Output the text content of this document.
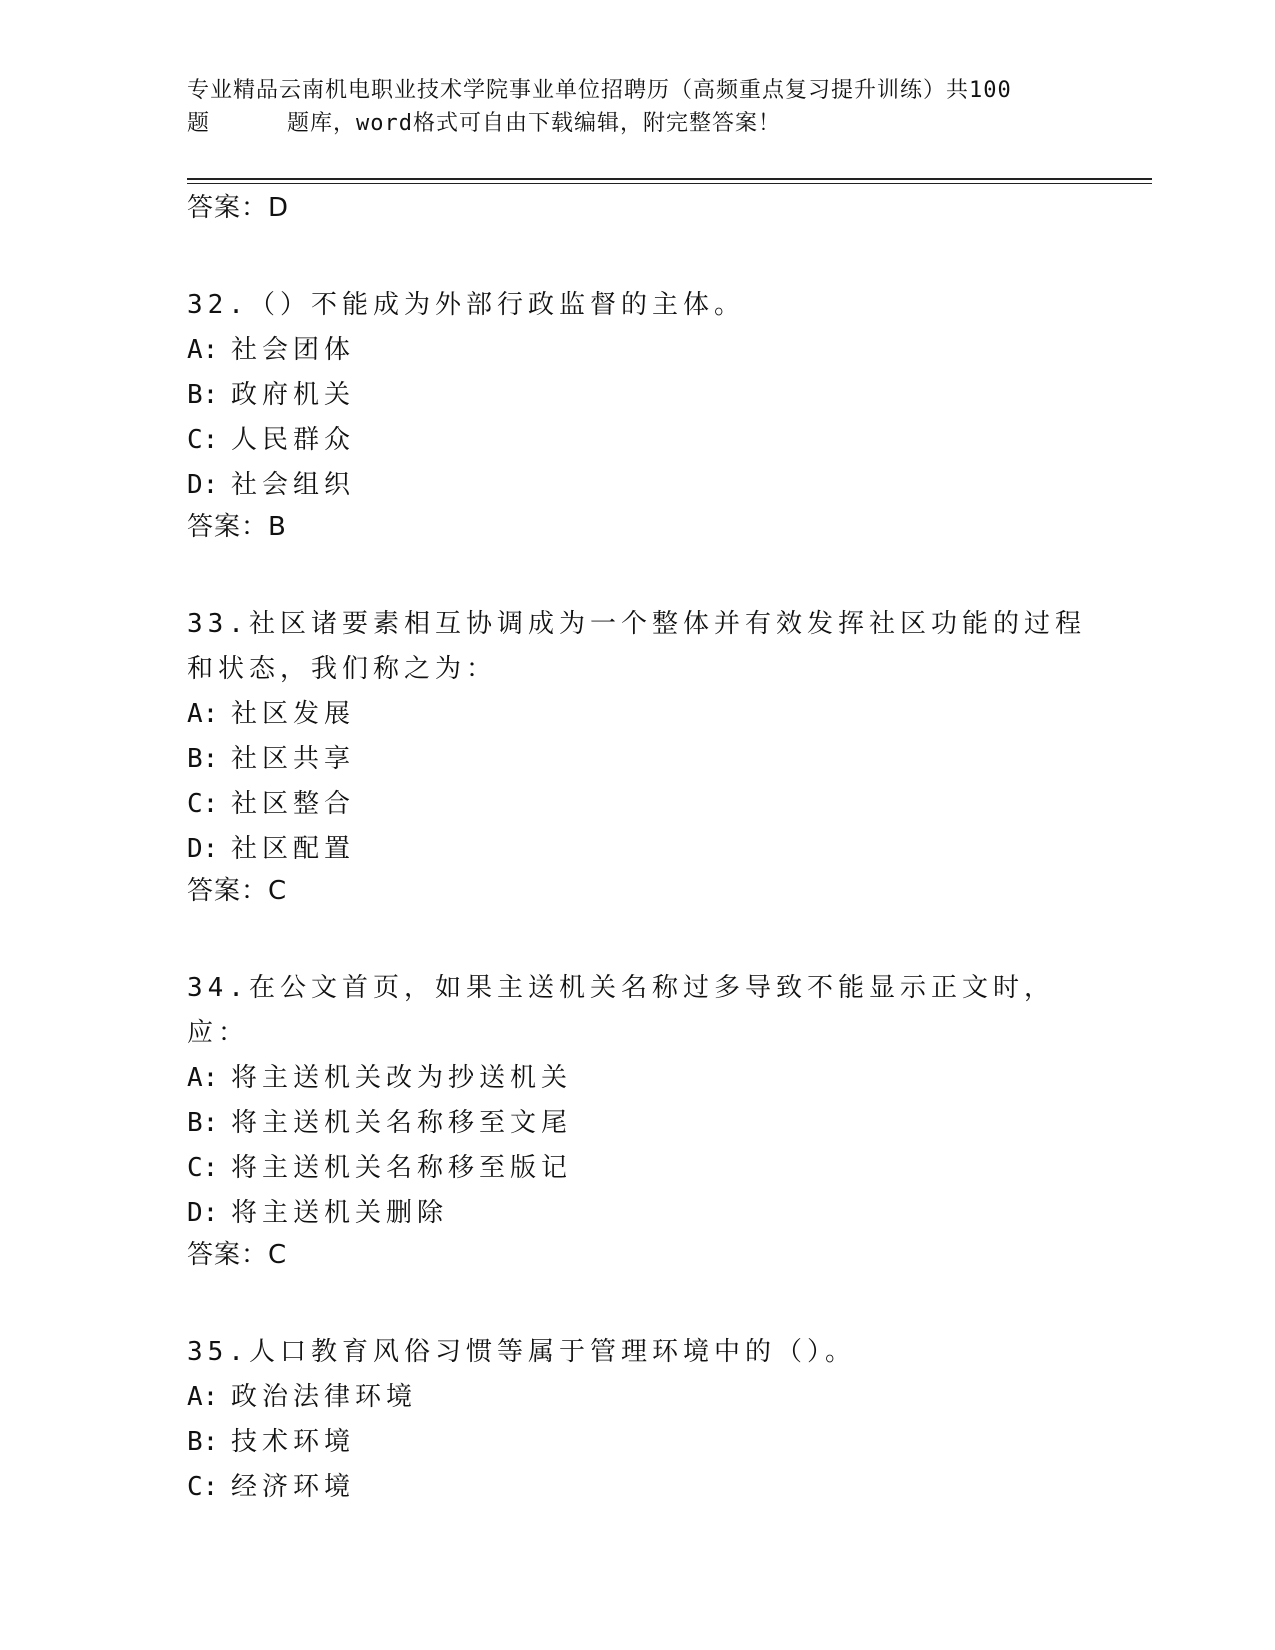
专业精品云南机电职业技术学院事业单位招聘历（高频重点复习提升训练）共100
题	题库，word格式可自由下载编辑，附完整答案！

答案：D

32.（）不能成为外部行政监督的主体。

A: 社会团体

B: 政府机关

C: 人民群众

D: 社会组织

答案：B

33.社区诸要素相互协调成为一个整体并有效发挥社区功能的过程和状态，我们称之为：

A: 社区发展

B: 社区共享

C: 社区整合

D: 社区配置

答案：C

34.在公文首页，如果主送机关名称过多导致不能显示正文时，应：

A: 将主送机关改为抄送机关

B: 将主送机关名称移至文尾

C: 将主送机关名称移至版记

D: 将主送机关删除

答案：C

35.人口教育风俗习惯等属于管理环境中的（）。

A: 政治法律环境

B: 技术环境

C: 经济环境
